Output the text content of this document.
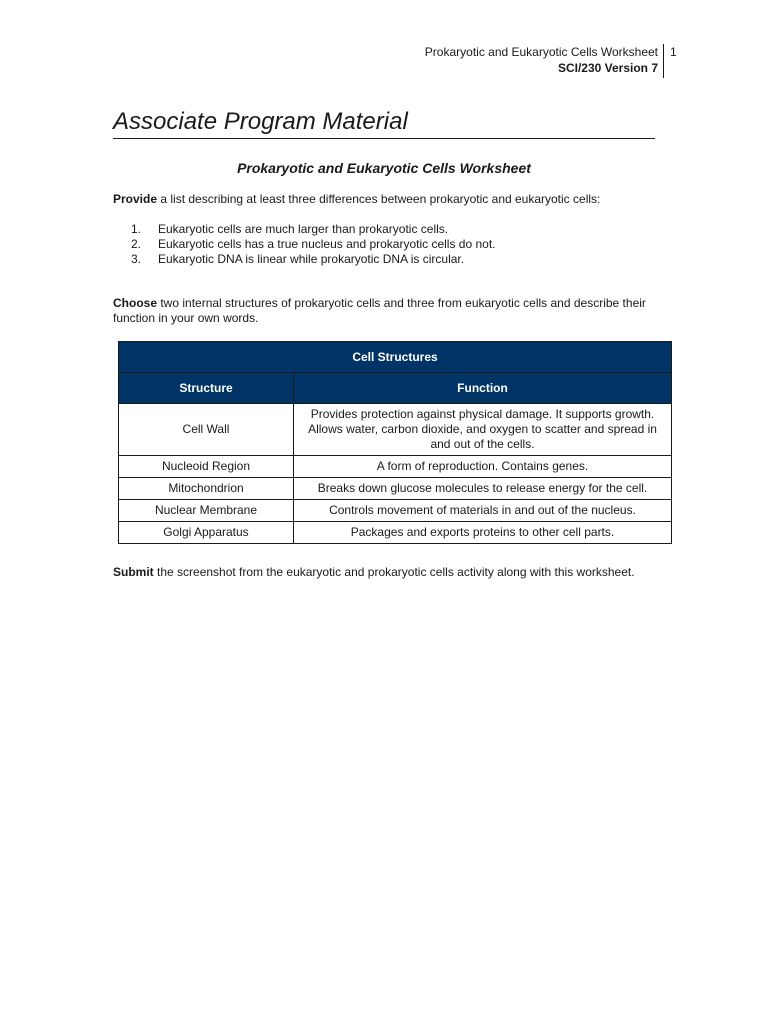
Prokaryotic and Eukaryotic Cells Worksheet
SCI/230 Version 7
1
Associate Program Material
Prokaryotic and Eukaryotic Cells Worksheet
Provide a list describing at least three differences between prokaryotic and eukaryotic cells:
1.	Eukaryotic cells are much larger than prokaryotic cells.
2.	Eukaryotic cells has a true nucleus and prokaryotic cells do not.
3.	Eukaryotic DNA is linear while prokaryotic DNA is circular.
Choose two internal structures of prokaryotic cells and three from eukaryotic cells and describe their function in your own words.
Cell Structures	
Structure	Function
Cell Wall	Provides protection against physical damage. It supports growth. Allows water, carbon dioxide, and oxygen to scatter and spread in and out of the cells.
Nucleoid Region	A form of reproduction. Contains genes.
Mitochondrion	Breaks down glucose molecules to release energy for the cell.
Nuclear Membrane	Controls movement of materials in and out of the nucleus.
Golgi Apparatus	Packages and exports proteins to other cell parts.
Submit the screenshot from the eukaryotic and prokaryotic cells activity along with this worksheet.
